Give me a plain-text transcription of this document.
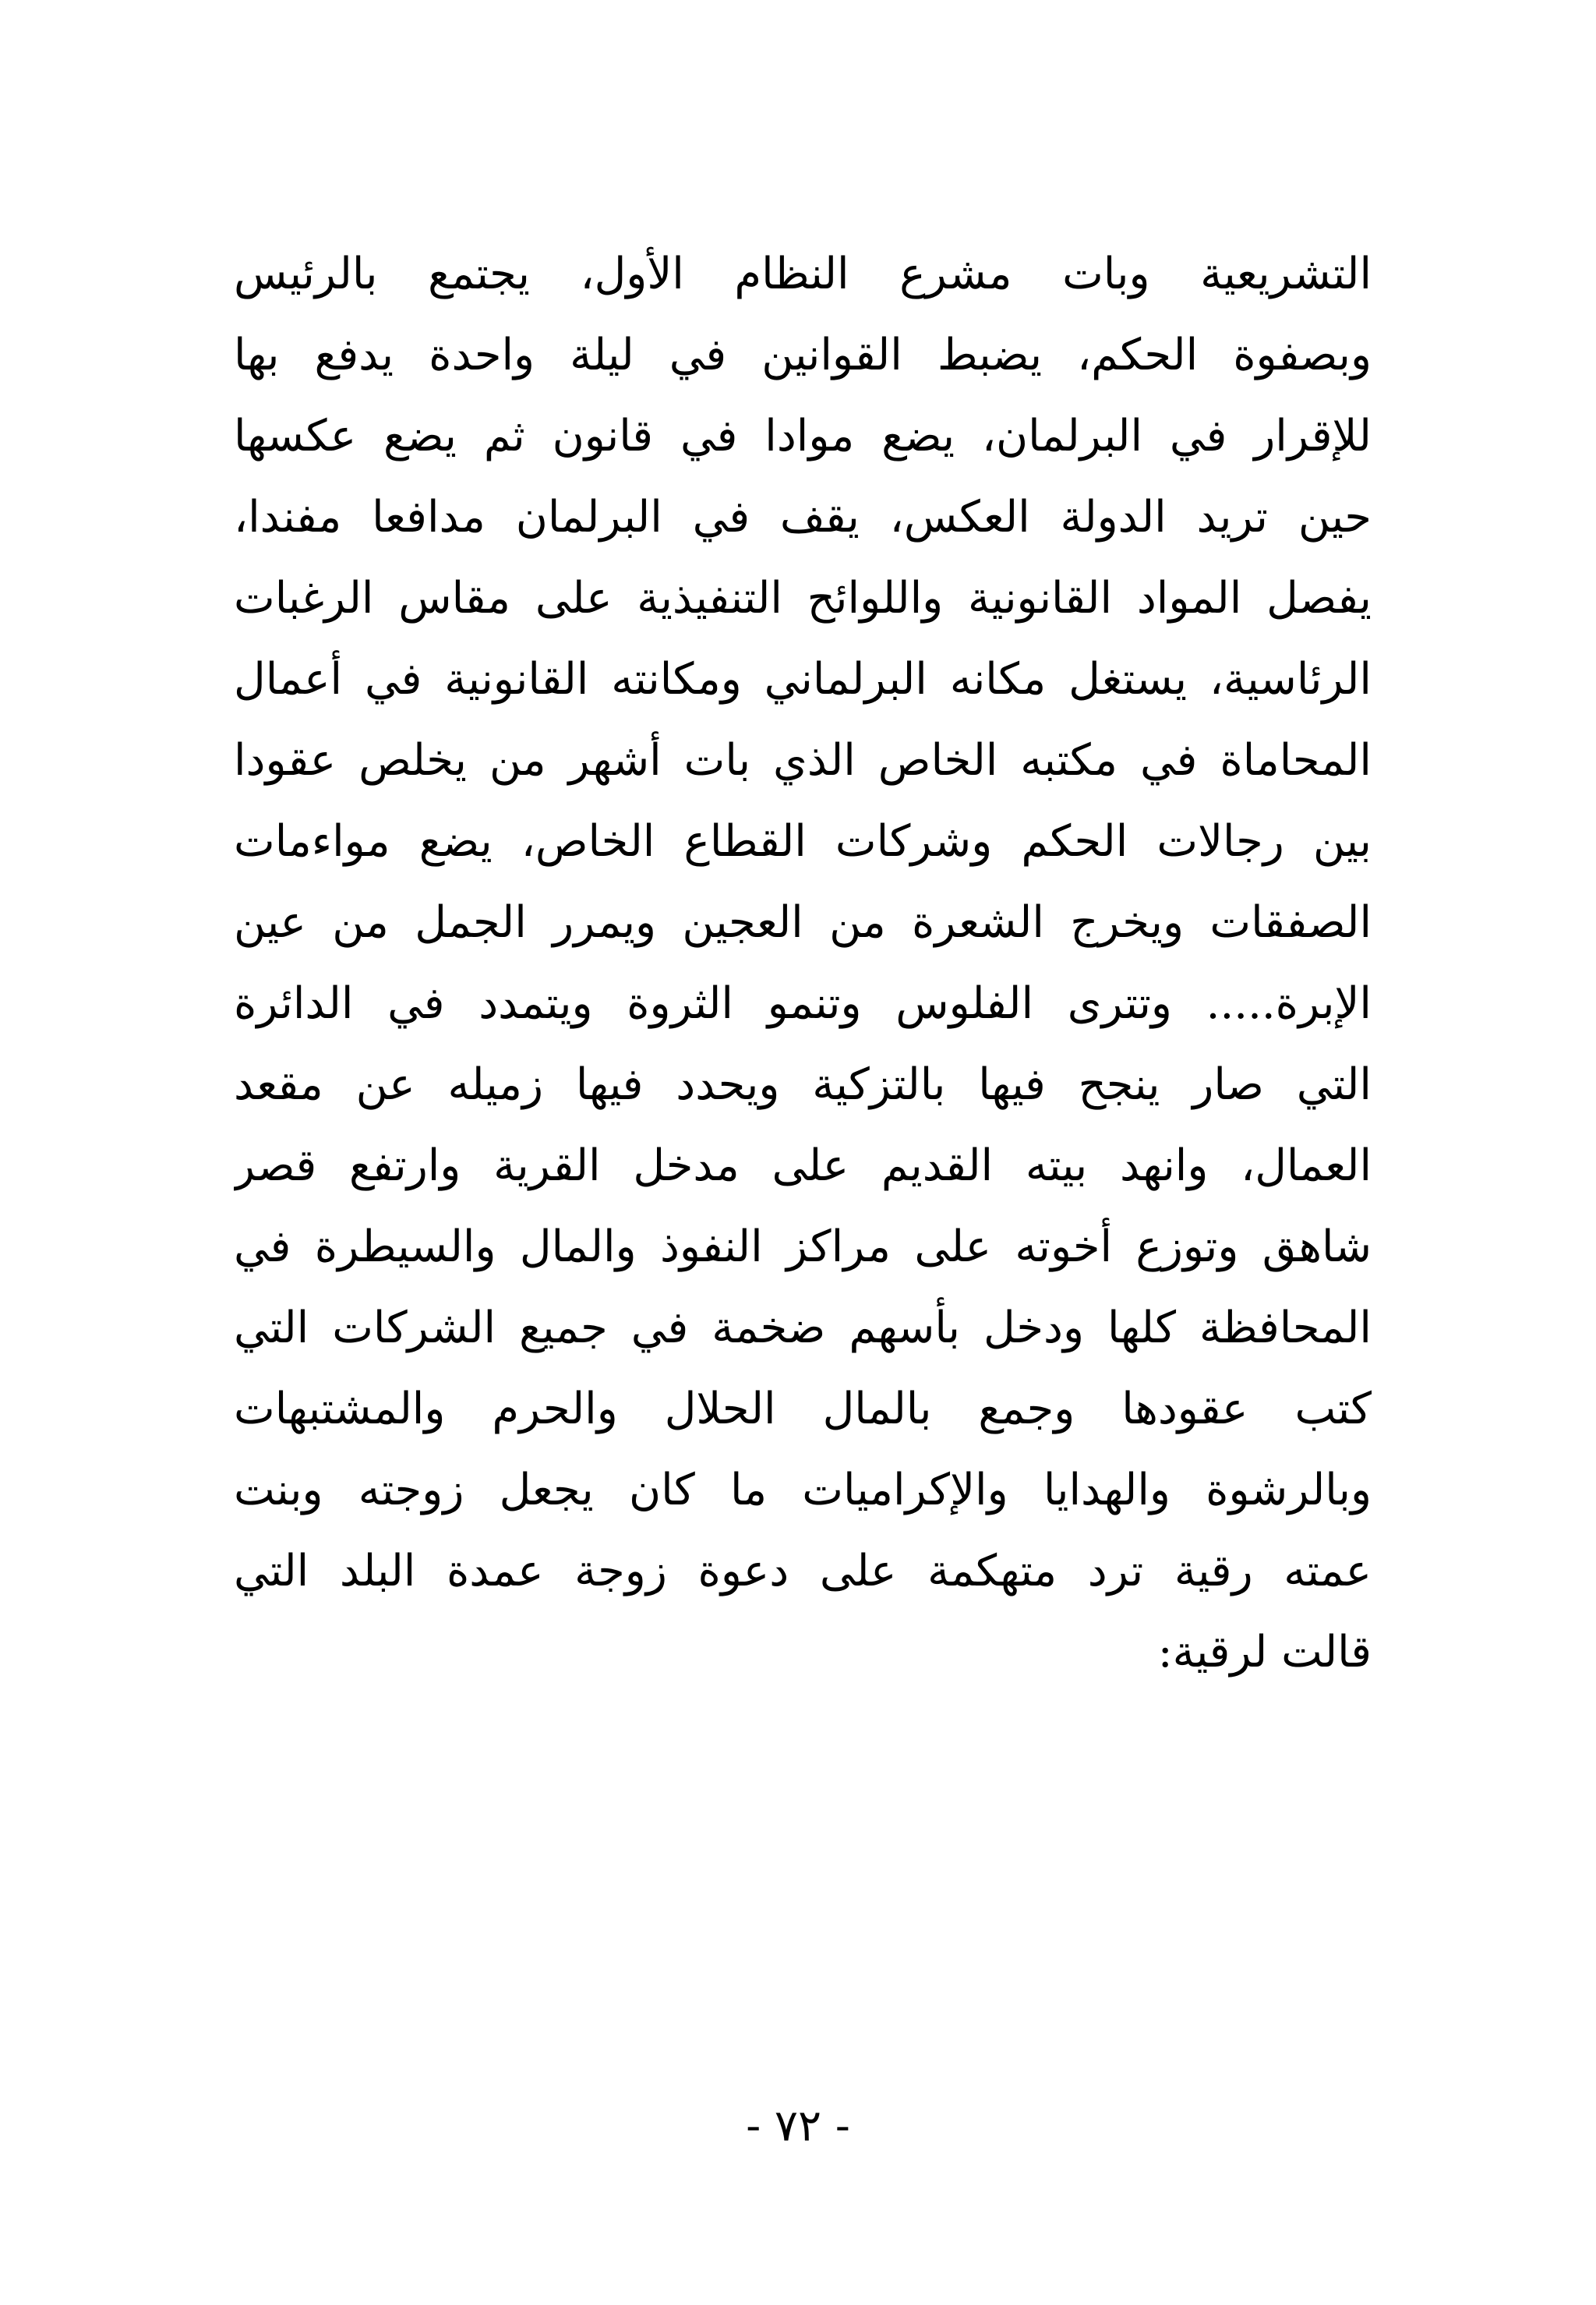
التشريعية وبات مشرع النظام الأول، يجتمع بالرئيس
وبصفوة الحكم، يضبط القوانين في ليلة واحدة يدفع بها
للإقرار في البرلمان، يضع موادا في قانون ثم يضع عكسها
حين تريد الدولة العكس، يقف في البرلمان مدافعا مفندا،
يفصل المواد القانونية واللوائح التنفيذية على مقاس الرغبات
الرئاسية، يستغل مكانه البرلماني ومكانته القانونية في أعمال
المحاماة في مكتبه الخاص الذي بات أشهر من يخلص عقودا
بين رجالات الحكم وشركات القطاع الخاص، يضع مواءمات
الصفقات ويخرج الشعرة من العجين ويمرر الجمل من عين
الإبرة..... وتترى الفلوس وتنمو الثروة ويتمدد في الدائرة
التي صار ينجح فيها بالتزكية ويحدد فيها زميله عن مقعد
العمال، وانهد بيته القديم على مدخل القرية وارتفع قصر
شاهق وتوزع أخوته على مراكز النفوذ والمال والسيطرة في
المحافظة كلها ودخل بأسهم ضخمة في جميع الشركات التي
كتب عقودها وجمع بالمال الحلال والحرم والمشتبهات
وبالرشوة والهدايا والإكراميات ما كان يجعل زوجته وبنت
عمته رقية ترد متهكمة على دعوة زوجة عمدة البلد التي
قالت لرقية:
- ٧٢ -
